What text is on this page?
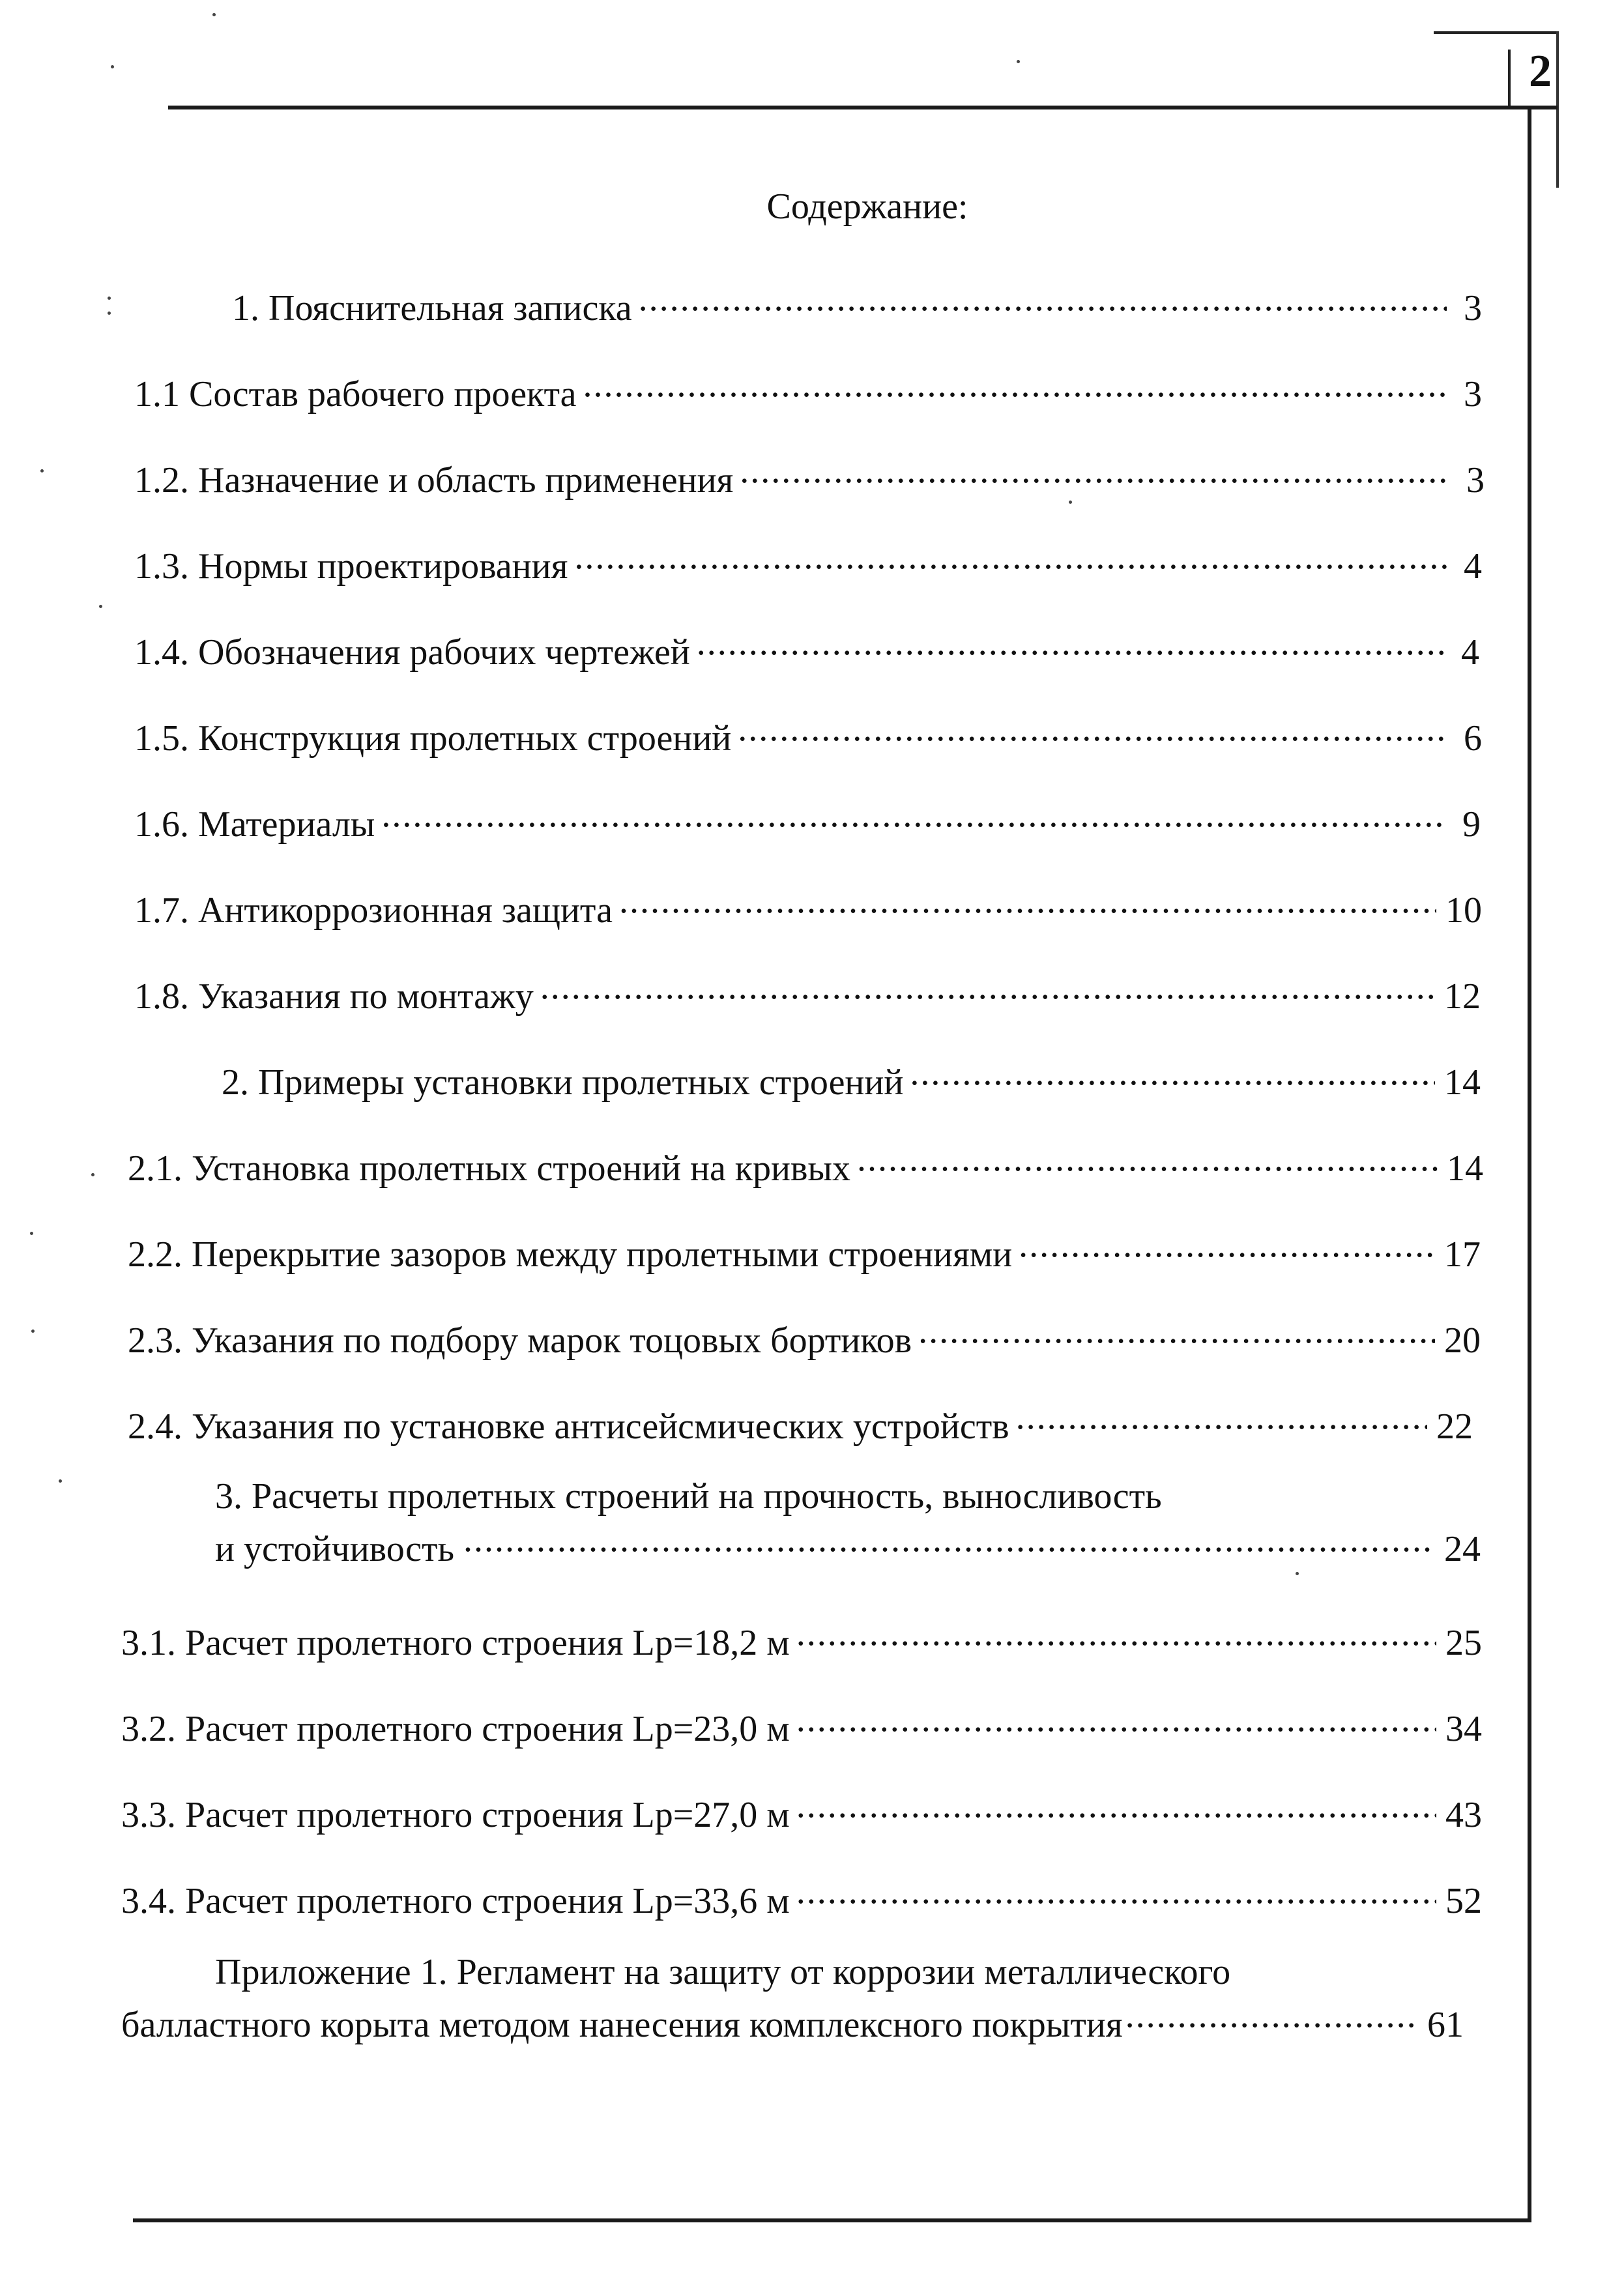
2
Содержание:
1. Пояснительная записка .....	3
1.1 Состав рабочего проекта .....	3
1.2. Назначение и область применения .....	3
1.3. Нормы проектирования .....	4
1.4. Обозначения рабочих чертежей .....	4
1.5. Конструкция пролетных строений .....	6
1.6. Материалы .....	9
1.7. Антикоррозионная защита .....	10
1.8. Указания по монтажу .....	12
2. Примеры установки пролетных строений .....	14
2.1. Установка пролетных строений на кривых .....	14
2.2. Перекрытие зазоров между пролетными строениями .....	17
2.3. Указания по подбору марок тоцовых бортиков .....	20
2.4. Указания по установке антисейсмических устройств .....	22
3. Расчеты пролетных строений на прочность, выносливость
и устойчивость .....	24
3.1. Расчет пролетного строения Lp=18,2 м .....	25
3.2. Расчет пролетного строения Lp=23,0 м .....	34
3.3. Расчет пролетного строения Lp=27,0 м .....	43
3.4. Расчет пролетного строения Lp=33,6 м .....	52
Приложение 1. Регламент на защиту от коррозии металлического
балластного корыта методом нанесения комплексного покрытия .....	61
